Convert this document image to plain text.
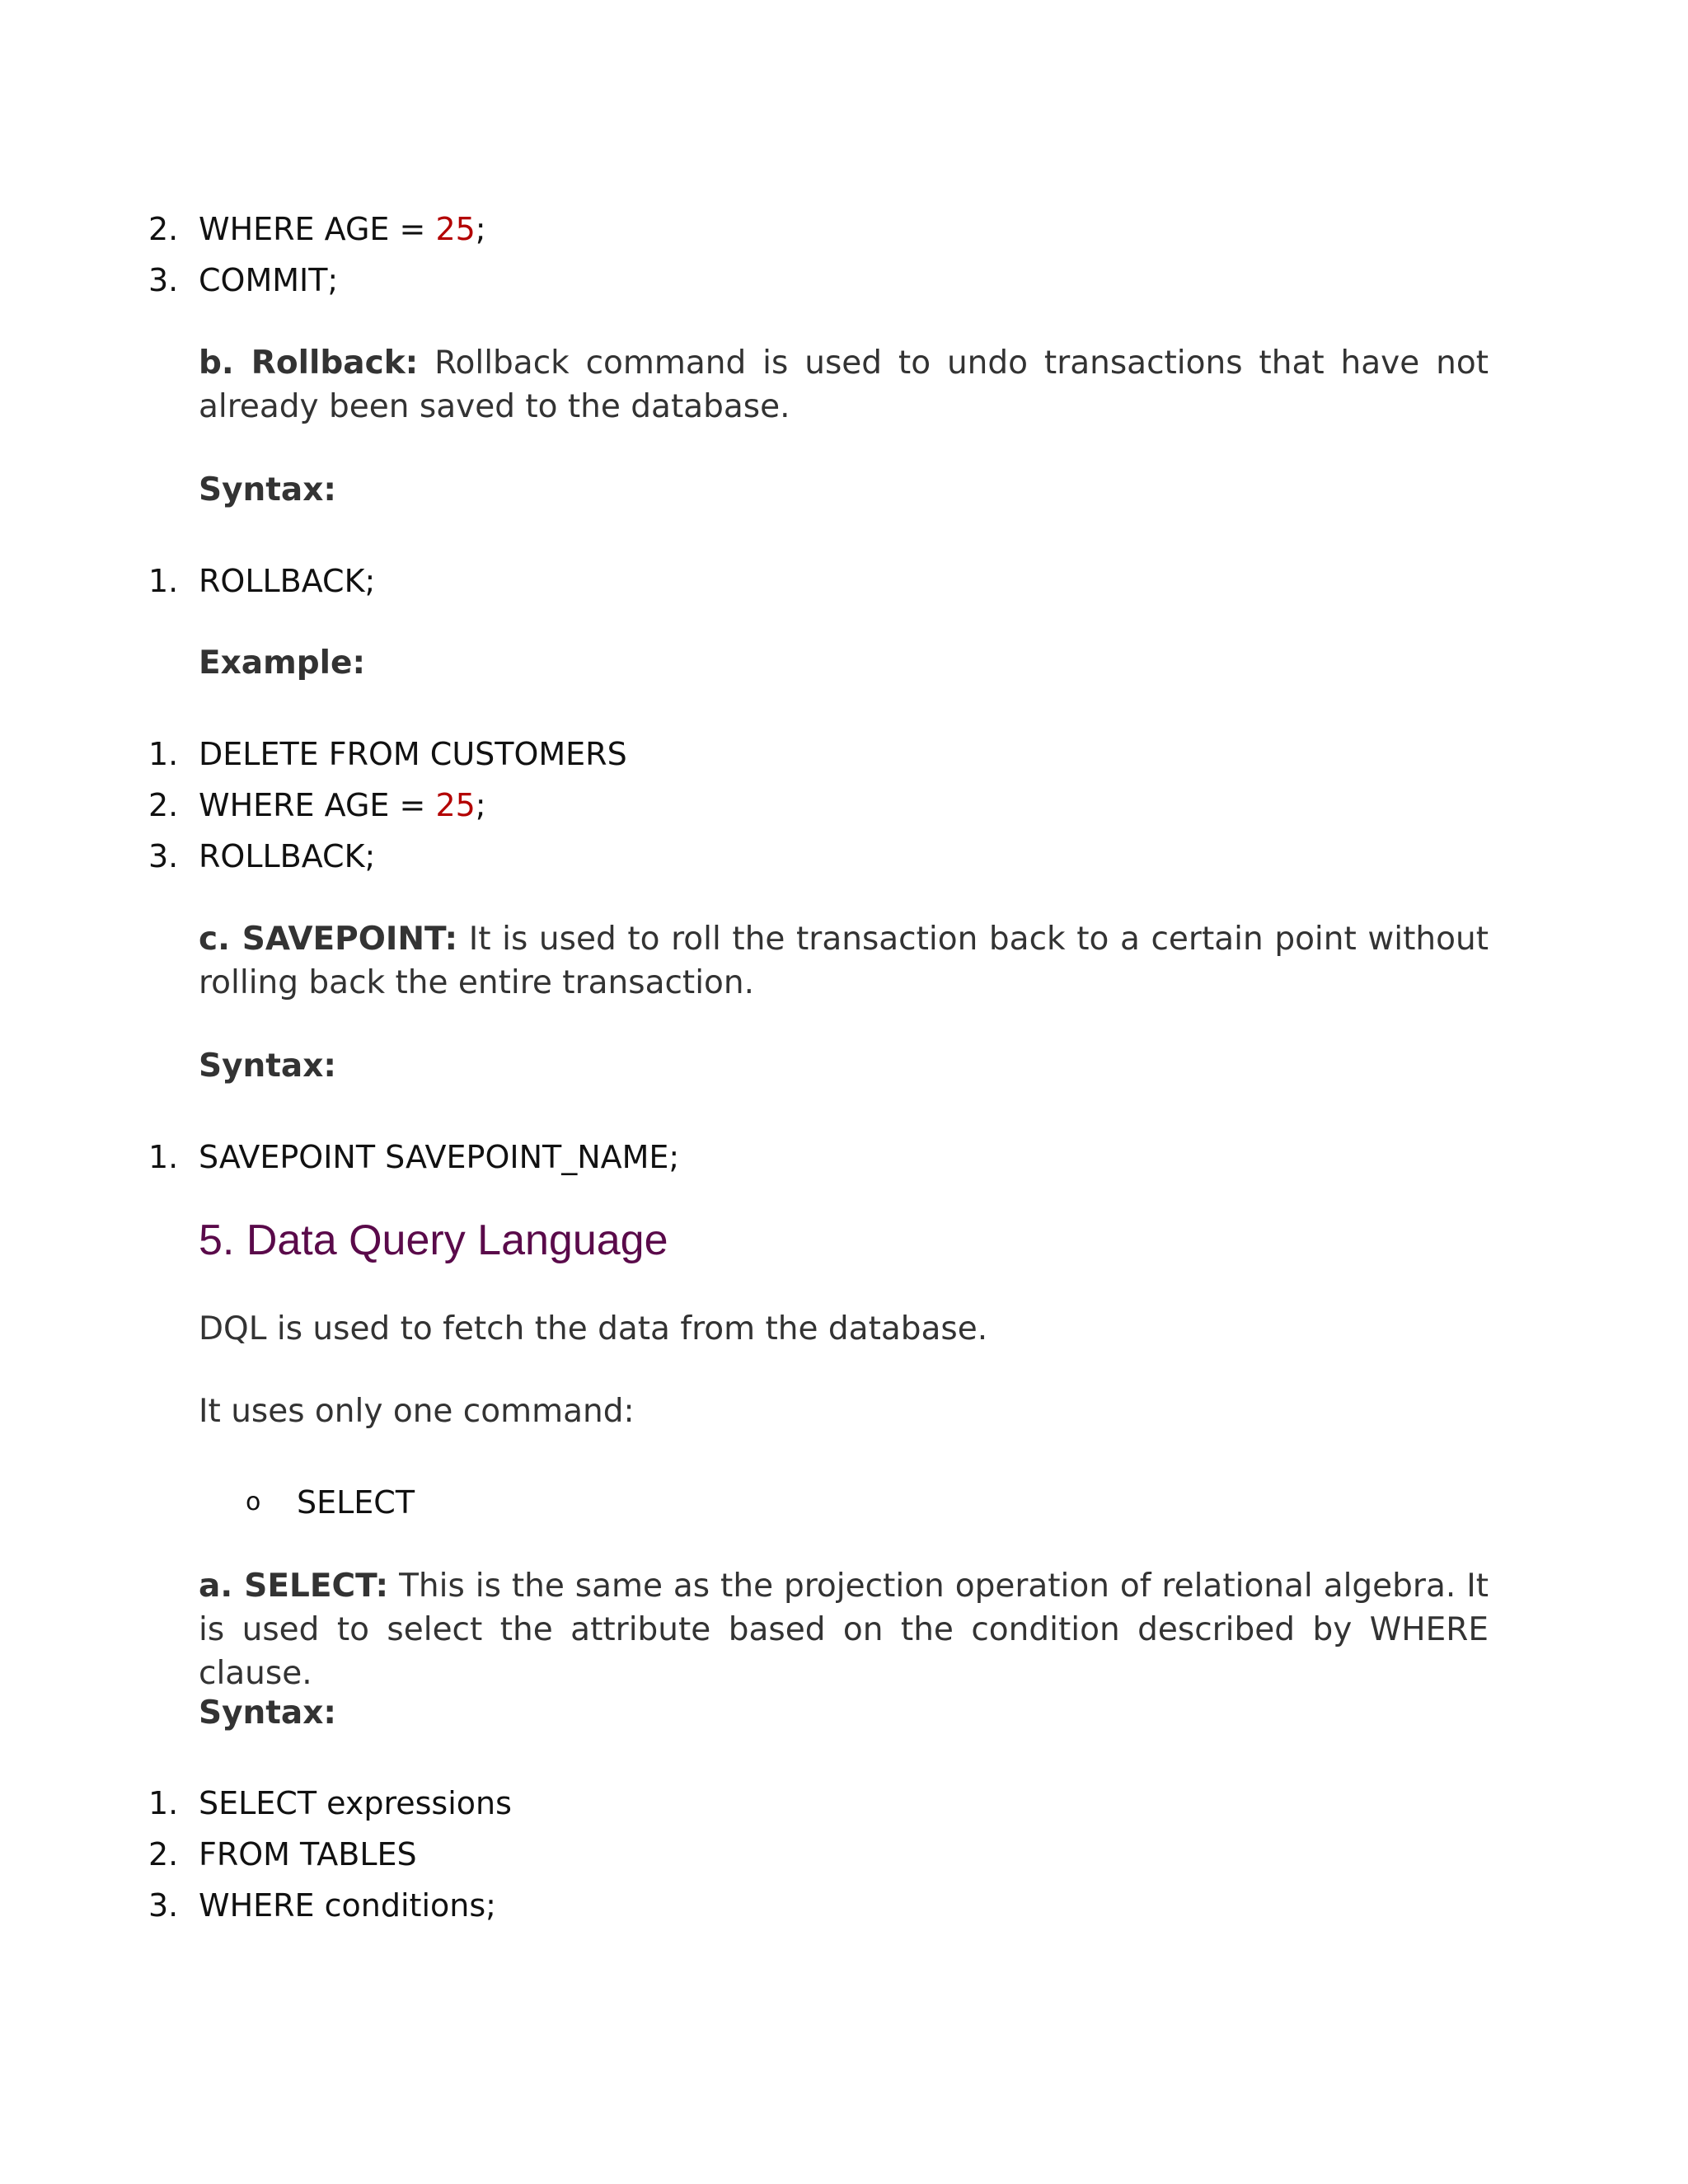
2. WHERE AGE = 25;
3. COMMIT;
b. Rollback: Rollback command is used to undo transactions that have not already been saved to the database.
Syntax:
1. ROLLBACK;
Example:
1. DELETE FROM CUSTOMERS
2. WHERE AGE = 25;
3. ROLLBACK;
c. SAVEPOINT: It is used to roll the transaction back to a certain point without rolling back the entire transaction.
Syntax:
1. SAVEPOINT SAVEPOINT_NAME;
5. Data Query Language
DQL is used to fetch the data from the database.
It uses only one command:
o SELECT
a. SELECT: This is the same as the projection operation of relational algebra. It is used to select the attribute based on the condition described by WHERE clause.
Syntax:
1. SELECT expressions
2. FROM TABLES
3. WHERE conditions;
